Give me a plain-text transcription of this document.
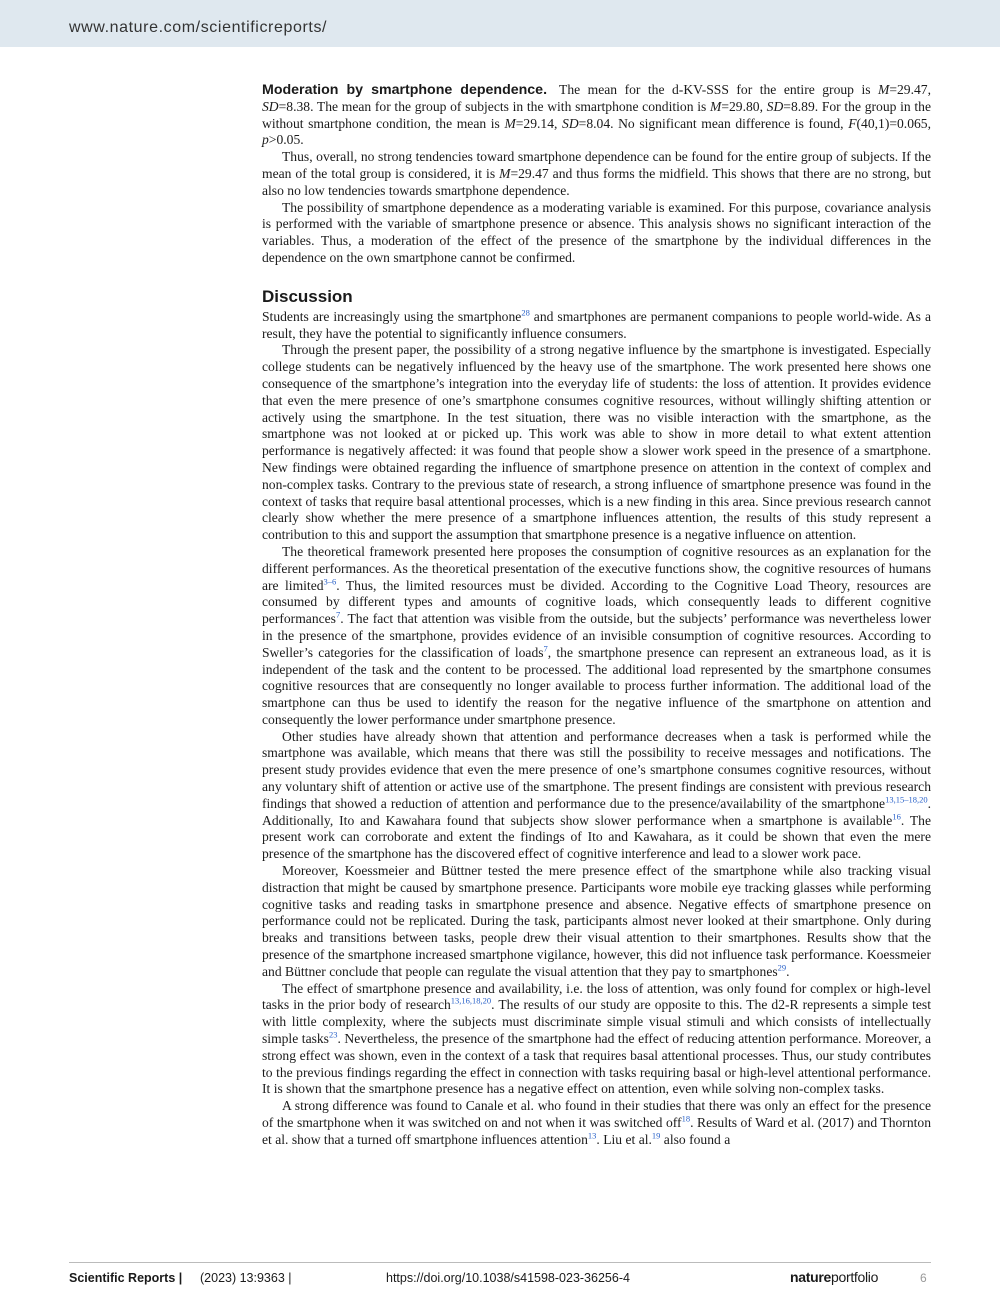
www.nature.com/scientificreports/

Moderation by smartphone dependence. The mean for the d-KV-SSS for the entire group is M=29.47, SD=8.38. The mean for the group of subjects in the with smartphone condition is M=29.80, SD=8.89. For the group in the without smartphone condition, the mean is M=29.14, SD=8.04. No significant mean difference is found, F(40,1)=0.065, p>0.05.

Thus, overall, no strong tendencies toward smartphone dependence can be found for the entire group of subjects. If the mean of the total group is considered, it is M=29.47 and thus forms the midfield. This shows that there are no strong, but also no low tendencies towards smartphone dependence.

The possibility of smartphone dependence as a moderating variable is examined. For this purpose, covariance analysis is performed with the variable of smartphone presence or absence. This analysis shows no significant interaction of the variables. Thus, a moderation of the effect of the presence of the smartphone by the individual differences in the dependence on the own smartphone cannot be confirmed.

Discussion

Students are increasingly using the smartphone$^{28}$ and smartphones are permanent companions to people world-wide. As a result, they have the potential to significantly influence consumers.

Through the present paper, the possibility of a strong negative influence by the smartphone is investigated. Especially college students can be negatively influenced by the heavy use of the smartphone. The work presented here shows one consequence of the smartphone’s integration into the everyday life of students: the loss of attention. It provides evidence that even the mere presence of one’s smartphone consumes cognitive resources, without willingly shifting attention or actively using the smartphone. In the test situation, there was no visible interaction with the smartphone, as the smartphone was not looked at or picked up. This work was able to show in more detail to what extent attention performance is negatively affected: it was found that people show a slower work speed in the presence of a smartphone. New findings were obtained regarding the influence of smartphone presence on attention in the context of complex and non-complex tasks. Contrary to the previous state of research, a strong influence of smartphone presence was found in the context of tasks that require basal attentional processes, which is a new finding in this area. Since previous research cannot clearly show whether the mere presence of a smartphone influences attention, the results of this study represent a contribution to this and support the assumption that smartphone presence is a negative influence on attention.

The theoretical framework presented here proposes the consumption of cognitive resources as an explanation for the different performances. As the theoretical presentation of the executive functions show, the cognitive resources of humans are limited$^{3-6}$. Thus, the limited resources must be divided. According to the Cognitive Load Theory, resources are consumed by different types and amounts of cognitive loads, which consequently leads to different cognitive performances$^7$. The fact that attention was visible from the outside, but the subjects’ performance was nevertheless lower in the presence of the smartphone, provides evidence of an invisible consumption of cognitive resources. According to Sweller’s categories for the classification of loads$^7$, the smartphone presence can represent an extraneous load, as it is independent of the task and the content to be processed. The additional load represented by the smartphone consumes cognitive resources that are consequently no longer available to process further information. The additional load of the smartphone can thus be used to identify the reason for the negative influence of the smartphone on attention and consequently the lower performance under smartphone presence.

Other studies have already shown that attention and performance decreases when a task is performed while the smartphone was available, which means that there was still the possibility to receive messages and notifications. The present study provides evidence that even the mere presence of one’s smartphone consumes cognitive resources, without any voluntary shift of attention or active use of the smartphone. The present findings are consistent with previous research findings that showed a reduction of attention and performance due to the presence/availability of the smartphone$^{13,15-18,20}$. Additionally, Ito and Kawahara found that subjects show slower performance when a smartphone is available$^{16}$. The present work can corroborate and extent the findings of Ito and Kawahara, as it could be shown that even the mere presence of the smartphone has the discovered effect of cognitive interference and lead to a slower work pace.

Moreover, Koessmeier and Büttner tested the mere presence effect of the smartphone while also tracking visual distraction that might be caused by smartphone presence. Participants wore mobile eye tracking glasses while performing cognitive tasks and reading tasks in smartphone presence and absence. Negative effects of smartphone presence on performance could not be replicated. During the task, participants almost never looked at their smartphone. Only during breaks and transitions between tasks, people drew their visual attention to their smartphones. Results show that the presence of the smartphone increased smartphone vigilance, however, this did not influence task performance. Koessmeier and Büttner conclude that people can regulate the visual attention that they pay to smartphones$^{29}$.

The effect of smartphone presence and availability, i.e. the loss of attention, was only found for complex or high-level tasks in the prior body of research$^{13,16,18,20}$. The results of our study are opposite to this. The d2-R represents a simple test with little complexity, where the subjects must discriminate simple visual stimuli and which consists of intellectually simple tasks$^{23}$. Nevertheless, the presence of the smartphone had the effect of reducing attention performance. Moreover, a strong effect was shown, even in the context of a task that requires basal attentional processes. Thus, our study contributes to the previous findings regarding the effect in connection with tasks requiring basal or high-level attentional performance. It is shown that the smartphone presence has a negative effect on attention, even while solving non-complex tasks.

A strong difference was found to Canale et al. who found in their studies that there was only an effect for the presence of the smartphone when it was switched on and not when it was switched off$^{18}$. Results of Ward et al. (2017) and Thornton et al. show that a turned off smartphone influences attention$^{13}$. Liu et al.$^{19}$ also found a

Scientific Reports | (2023) 13:9363 |	https://doi.org/10.1038/s41598-023-36256-4	natureportfolio	6
